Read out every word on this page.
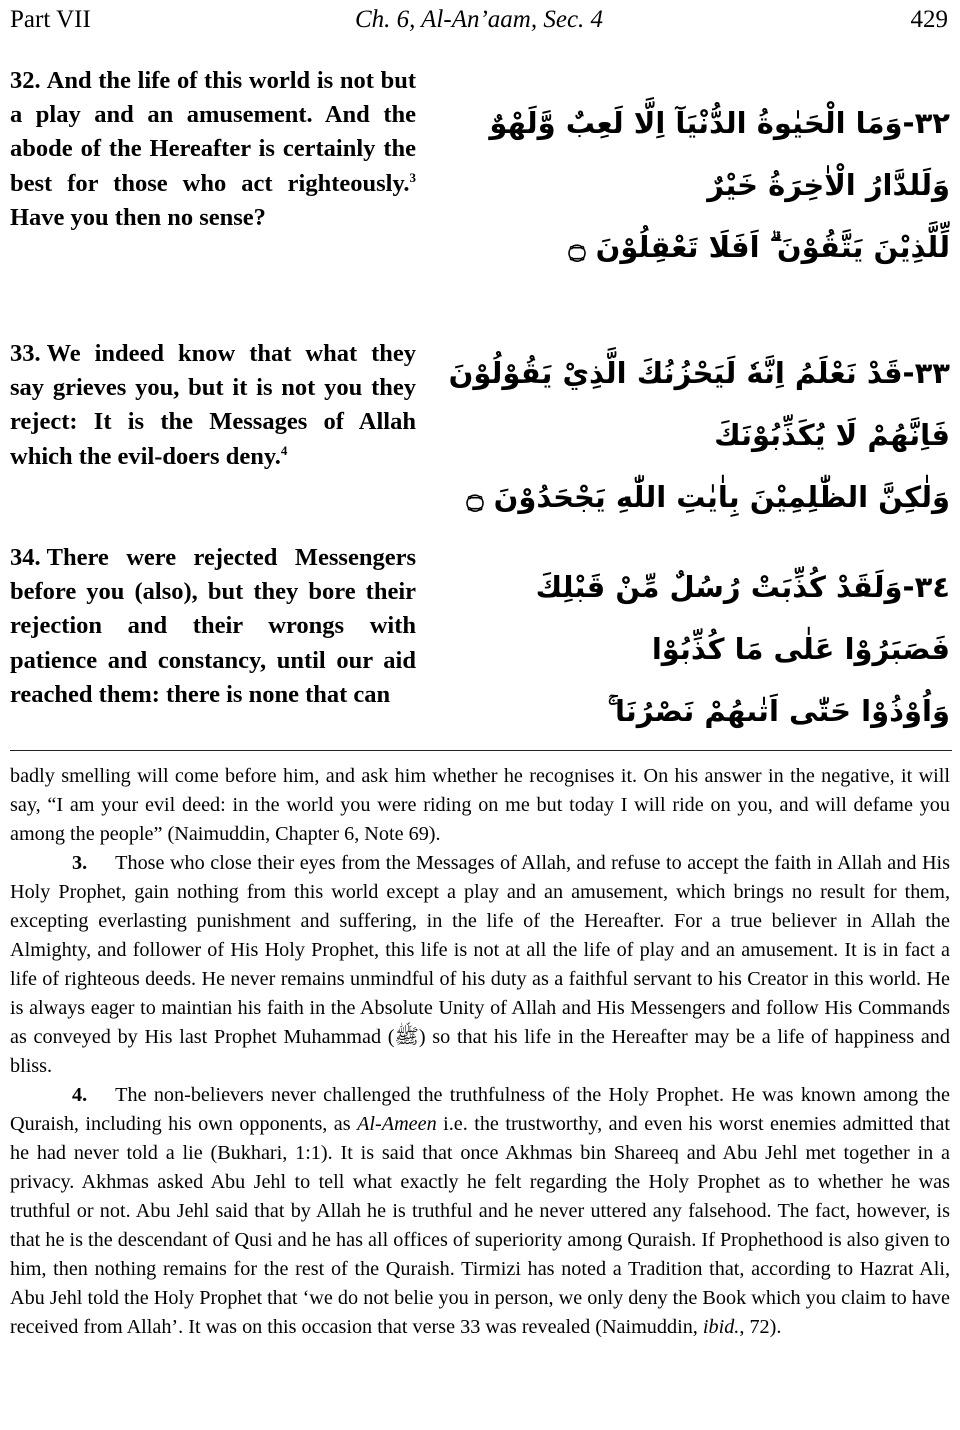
Part VII	Ch. 6, Al-An’aam, Sec. 4	429
32. And the life of this world is not but a play and an amusement. And the abode of the Hereafter is certainly the best for those who act righteously.$^3$ Have you then no sense?
٣٢-وَمَا الْحَيٰوةُ الدُّنْيَآ اِلَّا لَعِبٌ وَّلَهْوٌ
وَلَلدَّارُ الْاٰخِرَةُ خَيْرٌ
لِّلَّذِيْنَ يَتَّقُوْنَ ۗ اَفَلَا تَعْقِلُوْنَ ۝
33. We indeed know that what they say grieves you, but it is not you they reject: It is the Messages of Allah which the evil-doers deny.$^4$
٣٣-قَدْ نَعْلَمُ اِنَّهٗ لَيَحْزُنُكَ الَّذِيْ يَقُوْلُوْنَ
فَاِنَّهُمْ لَا يُكَذِّبُوْنَكَ
وَلٰكِنَّ الظّٰلِمِيْنَ بِاٰيٰتِ اللّٰهِ يَجْحَدُوْنَ ۝
34. There were rejected Messengers before you (also), but they bore their rejection and their wrongs with patience and constancy, until our aid reached them: there is none that can
٣٤-وَلَقَدْ كُذِّبَتْ رُسُلٌ مِّنْ قَبْلِكَ
فَصَبَرُوْا عَلٰى مَا كُذِّبُوْا
وَاُوْذُوْا حَتّٰى اَتٰىهُمْ نَصْرُنَا ۚ

badly smelling will come before him, and ask him whether he recognises it. On his answer in the negative, it will say, “I am your evil deed: in the world you were riding on me but today I will ride on you, and will defame you among the people” (Naimuddin, Chapter 6, Note 69).

3. Those who close their eyes from the Messages of Allah, and refuse to accept the faith in Allah and His Holy Prophet, gain nothing from this world except a play and an amusement, which brings no result for them, excepting everlasting punishment and suffering, in the life of the Hereafter. For a true believer in Allah the Almighty, and follower of His Holy Prophet, this life is not at all the life of play and an amusement. It is in fact a life of righteous deeds. He never remains unmindful of his duty as a faithful servant to his Creator in this world. He is always eager to maintian his faith in the Absolute Unity of Allah and His Messengers and follow His Commands as conveyed by His last Prophet Muhammad (ﷺ) so that his life in the Hereafter may be a life of happiness and bliss.

4. The non-believers never challenged the truthfulness of the Holy Prophet. He was known among the Quraish, including his own opponents, as Al-Ameen i.e. the trustworthy, and even his worst enemies admitted that he had never told a lie (Bukhari, 1:1). It is said that once Akhmas bin Shareeq and Abu Jehl met together in a privacy. Akhmas asked Abu Jehl to tell what exactly he felt regarding the Holy Prophet as to whether he was truthful or not. Abu Jehl said that by Allah he is truthful and he never uttered any falsehood. The fact, however, is that he is the descendant of Qusi and he has all offices of superiority among Quraish. If Prophethood is also given to him, then nothing remains for the rest of the Quraish. Tirmizi has noted a Tradition that, according to Hazrat Ali, Abu Jehl told the Holy Prophet that ‘we do not belie you in person, we only deny the Book which you claim to have received from Allah’. It was on this occasion that verse 33 was revealed (Naimuddin, ibid., 72).
